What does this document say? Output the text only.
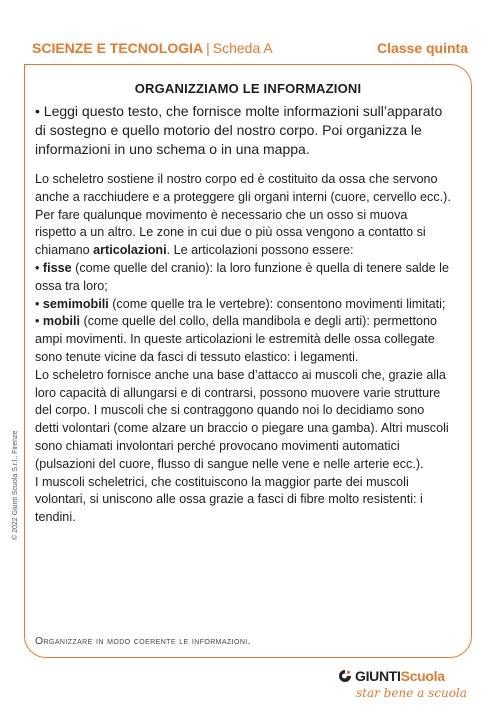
SCIENZE E TECNOLOGIA | Scheda A	Classe quinta
ORGANIZZIAMO LE INFORMAZIONI
• Leggi questo testo, che fornisce molte informazioni sull’apparato di sostegno e quello motorio del nostro corpo. Poi organizza le informazioni in uno schema o in una mappa.

Lo scheletro sostiene il nostro corpo ed è costituito da ossa che servono anche a racchiudere e a proteggere gli organi interni (cuore, cervello ecc.). Per fare qualunque movimento è necessario che un osso si muova rispetto a un altro. Le zone in cui due o più ossa vengono a contatto si chiamano articolazioni. Le articolazioni possono essere:

• fisse (come quelle del cranio): la loro funzione è quella di tenere salde le ossa tra loro;

• semimobili (come quelle tra le vertebre): consentono movimenti limitati;

• mobili (come quelle del collo, della mandibola e degli arti): permettono ampi movimenti. In queste articolazioni le estremità delle ossa collegate sono tenute vicine da fasci di tessuto elastico: i legamenti.

Lo scheletro fornisce anche una base d’attacco ai muscoli che, grazie alla loro capacità di allungarsi e di contrarsi, possono muovere varie strutture del corpo. I muscoli che si contraggono quando noi lo decidiamo sono detti volontari (come alzare un braccio o piegare una gamba). Altri muscoli sono chiamati involontari perché provocano movimenti automatici (pulsazioni del cuore, flusso di sangue nelle vene e nelle arterie ecc.).

I muscoli scheletrici, che costituiscono la maggior parte dei muscoli volontari, si uniscono alle ossa grazie a fasci di fibre molto resistenti: i tendini.

Organizzare in modo coerente le informazioni.
© 2022 Giunti Scuola S.r.l., Firenze
GIUNTIScuola
star bene a scuola
